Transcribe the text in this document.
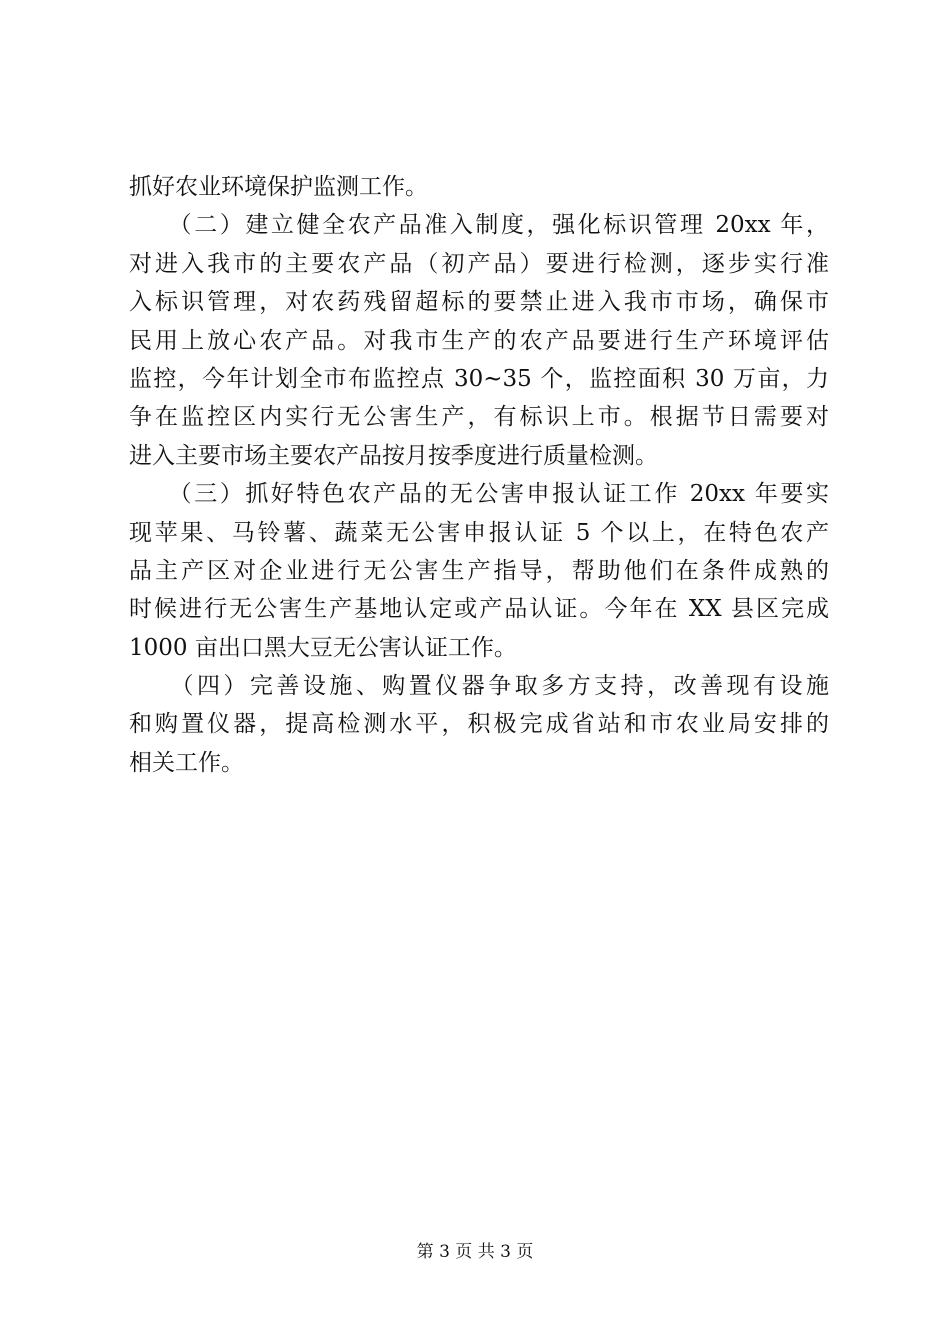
抓好农业环境保护监测工作。
　　（二）建立健全农产品准入制度，强化标识管理 20xx 年，
对进入我市的主要农产品（初产品）要进行检测，逐步实行准
入标识管理，对农药残留超标的要禁止进入我市市场，确保市
民用上放心农产品。对我市生产的农产品要进行生产环境评估
监控，今年计划全市布监控点 30~35 个，监控面积 30 万亩，力
争在监控区内实行无公害生产，有标识上市。根据节日需要对
进入主要市场主要农产品按月按季度进行质量检测。
　　（三）抓好特色农产品的无公害申报认证工作 20xx 年要实
现苹果、马铃薯、蔬菜无公害申报认证 5 个以上，在特色农产
品主产区对企业进行无公害生产指导，帮助他们在条件成熟的
时候进行无公害生产基地认定或产品认证。今年在 XX 县区完成
1000 亩出口黑大豆无公害认证工作。
　　（四）完善设施、购置仪器争取多方支持，改善现有设施
和购置仪器，提高检测水平，积极完成省站和市农业局安排的
相关工作。
第 3 页 共 3 页
